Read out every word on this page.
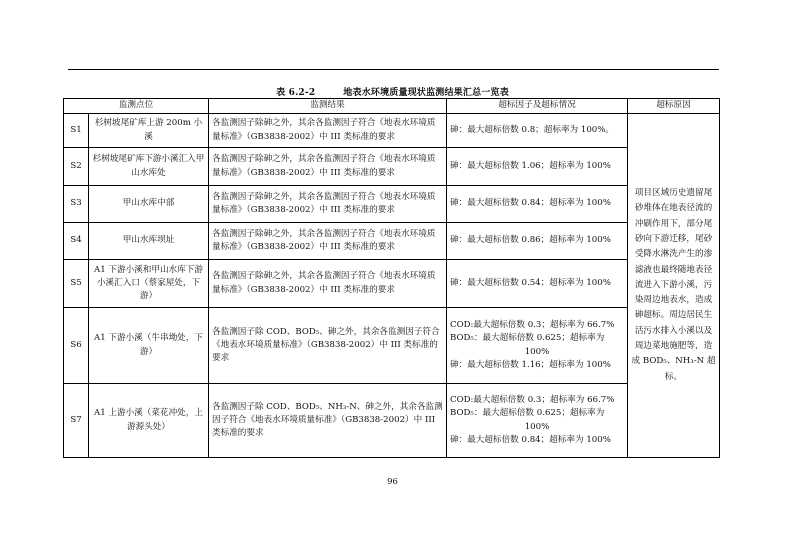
表 6.2-2	地表水环境质量现状监测结果汇总一览表
监测点位		监测结果	超标因子及超标情况	超标原因
S1	杉树坡尾矿库上游 200m 小溪	各监测因子除砷之外，其余各监测因子符合《地表水环境质量标准》（GB3838-2002）中 III 类标准的要求	砷：最大超标倍数 0.8；超标率为 100%。	项目区域历史遗留尾砂堆体在地表径流的冲刷作用下，部分尾砂向下游迁移，尾砂受降水淋洗产生的渗滤液也最终随地表径流进入下游小溪，污染周边地表水，造成砷超标。周边居民生活污水排入小溪以及周边菜地施肥等，造成 BOD₅、NH₃-N 超标。
S2	杉树坡尾矿库下游小溪汇入甲山水库处	各监测因子除砷之外，其余各监测因子符合《地表水环境质量标准》（GB3838-2002）中 III 类标准的要求	砷：最大超标倍数 1.06；超标率为 100%	

S3	甲山水库中部	各监测因子除砷之外，其余各监测因子符合《地表水环境质量标准》（GB3838-2002）中 III 类标准的要求	砷：最大超标倍数 0.84；超标率为 100%	

S4	甲山水库坝址	各监测因子除砷之外，其余各监测因子符合《地表水环境质量标准》（GB3838-2002）中 III 类标准的要求	砷：最大超标倍数 0.86；超标率为 100%	

S5	A1 下游小溪和甲山水库下游小溪汇入口（蔡家屋处，下游）	各监测因子除砷之外，其余各监测因子符合《地表水环境质量标准》（GB3838-2002）中 III 类标准的要求	砷：最大超标倍数 0.54；超标率为 100%	

S6	A1 下游小溪（牛串坳处，下游）	各监测因子除 COD、BOD₅、砷之外，其余各监测因子符合《地表水环境质量标准》（GB3838-2002）中 III 类标准的要求	COD:最大超标倍数 0.3；超标率为 66.7%
BOD₅：最大超标倍数 0.625；超标率为
100%
砷：最大超标倍数 1.16；超标率为 100%	

S7	A1 上游小溪（菜花冲处，上游源头处）	各监测因子除 COD、BOD₅、NH₃-N、砷之外，其余各监测因子符合《地表水环境质量标准》（GB3838-2002）中 III 类标准的要求	COD:最大超标倍数 0.3；超标率为 66.7%
BOD₅：最大超标倍数 0.625；超标率为
100%
砷：最大超标倍数 0.84；超标率为 100%	
96
